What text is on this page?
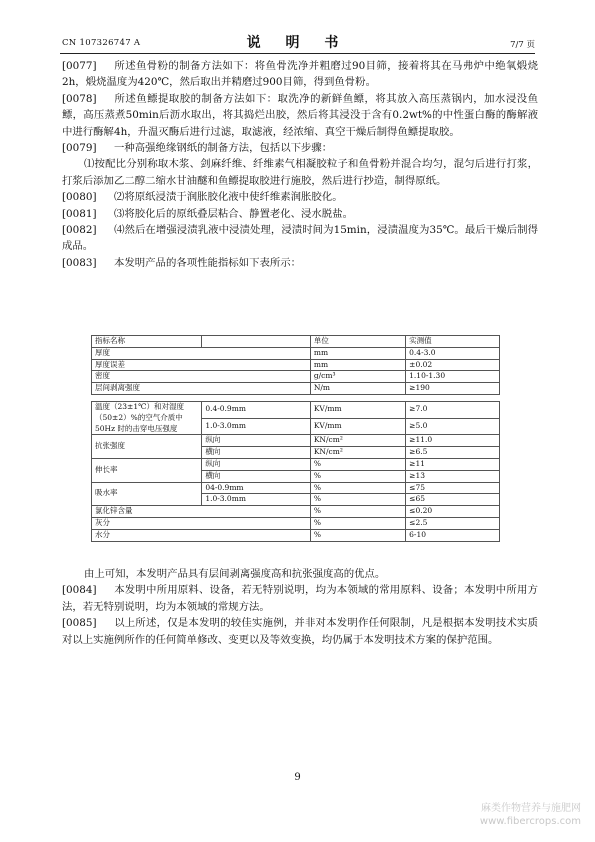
CN 107326747 A	说 明 书	7/7 页

[0077] 所述鱼骨粉的制备方法如下：将鱼骨洗净并粗磨过90目筛，接着将其在马弗炉中绝氧煅烧2h，煅烧温度为420℃，然后取出并精磨过900目筛，得到鱼骨粉。

[0078] 所述鱼鳔提取胶的制备方法如下：取洗净的新鲜鱼鳔，将其放入高压蒸锅内，加水浸没鱼鳔，高压蒸煮50min后沥水取出，将其捣烂出胶，然后将其浸没于含有0.2wt%的中性蛋白酶的酶解液中进行酶解4h，升温灭酶后进行过滤，取滤液，经浓缩、真空干燥后制得鱼鳔提取胶。

[0079] 一种高强绝缘钢纸的制备方法，包括以下步骤：

⑴按配比分别称取木浆、剑麻纤维、纤维素气相凝胶粒子和鱼骨粉并混合均匀，混匀后进行打浆，打浆后添加乙二醇二缩水甘油醚和鱼鳔提取胶进行施胶，然后进行抄造，制得原纸。

[0080] ⑵将原纸浸渍于润胀胶化液中使纤维素润胀胶化。

[0081] ⑶将胶化后的原纸叠层粘合、静置老化、浸水脱盐。

[0082] ⑷然后在增强浸渍乳液中浸渍处理，浸渍时间为15min，浸渍温度为35℃。最后干燥后制得成品。

[0083] 本发明产品的各项性能指标如下表所示：

指标名称		单位	实测值
厚度		mm	0.4-3.0
厚度误差		mm	±0.02
密度		g/cm³	1.10-1.30
层间剥离强度		N/m	≥190

温度（23±1℃）和对湿度（50±2）%的空气介质中 50Hz 时的击穿电压强度	0.4-0.9mm	KV/mm	≥7.0
	1.0-3.0mm	KV/mm	≥5.0
抗张强度	纵向	KN/cm²	≥11.0
	横向	KN/cm²	≥6.5
伸长率	纵向	%	≥11
	横向	%	≥13
吸水率	04-0.9mm	%	≤75
	1.0-3.0mm	%	≤65
氯化锌含量		%	≤0.20
灰分		%	≤2.5
水分		%	6-10

由上可知，本发明产品具有层间剥离强度高和抗张强度高的优点。

[0084] 本发明中所用原料、设备，若无特别说明，均为本领域的常用原料、设备；本发明中所用方法，若无特别说明，均为本领域的常规方法。

[0085] 以上所述，仅是本发明的较佳实施例，并非对本发明作任何限制，凡是根据本发明技术实质对以上实施例所作的任何简单修改、变更以及等效变换，均仍属于本发明技术方案的保护范围。

9
麻类作物营养与施肥网
www.fibercrops.com
